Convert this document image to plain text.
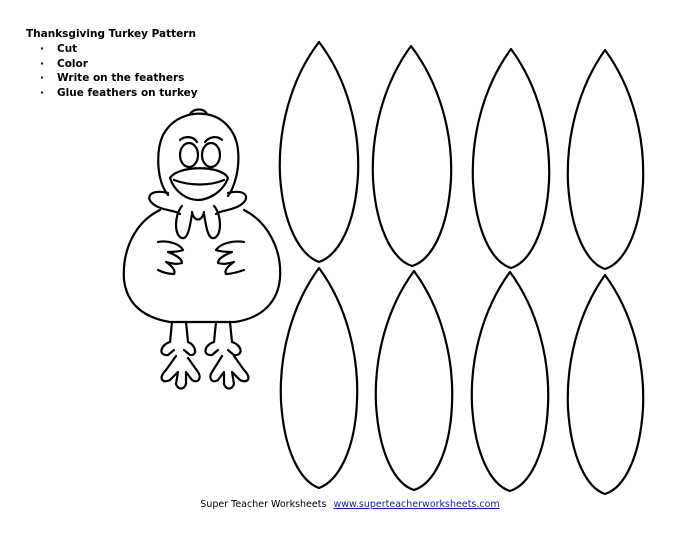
Thanksgiving Turkey Pattern
· Cut
· Color
· Write on the feathers
· Glue feathers on turkey
Super Teacher Worksheets www.superteacherworksheets.com
